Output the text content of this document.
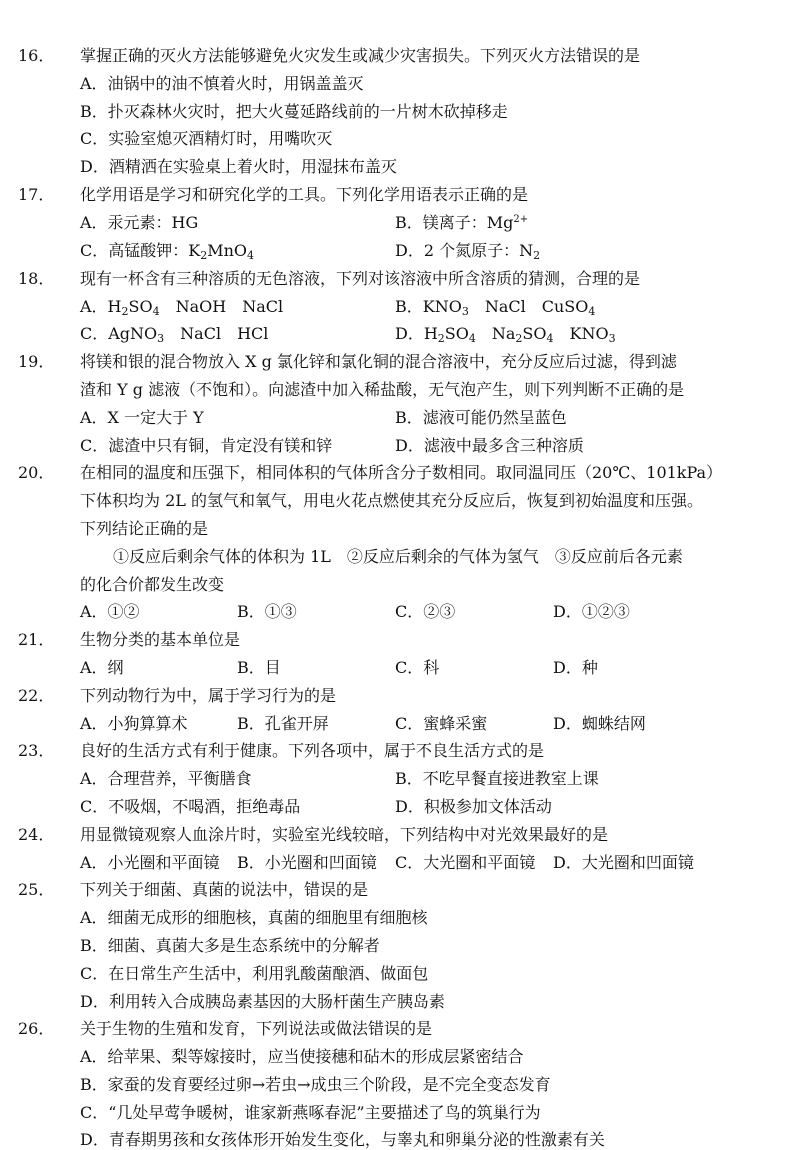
16．	掌握正确的灭火方法能够避免火灾发生或减少灾害损失。下列灭火方法错误的是
A．油锅中的油不慎着火时，用锅盖盖灭
B．扑灭森林火灾时，把大火蔓延路线前的一片树木砍掉移走
C．实验室熄灭酒精灯时，用嘴吹灭
D．酒精洒在实验桌上着火时，用湿抹布盖灭
17．	化学用语是学习和研究化学的工具。下列化学用语表示正确的是
A．汞元素：HG	B．镁离子：$Mg^{2+}$
C．高锰酸钾：$K_2MnO_4$	D．2 个氮原子：$N_2$
18．	现有一杯含有三种溶质的无色溶液，下列对该溶液中所含溶质的猜测，合理的是
A．$H_2SO_4$　NaOH　NaCl	B．$KNO_3$　NaCl　CuSO$_4$
C．AgNO$_3$　NaCl　HCl	D．$H_2SO_4$　$Na_2SO_4$　$KNO_3$
19．	将镁和银的混合物放入 X g 氯化锌和氯化铜的混合溶液中，充分反应后过滤，得到滤
渣和 Y g 滤液（不饱和）。向滤渣中加入稀盐酸，无气泡产生，则下列判断不正确的是
A．X 一定大于 Y	B．滤液可能仍然呈蓝色
C．滤渣中只有铜，肯定没有镁和锌	D．滤液中最多含三种溶质
20．	在相同的温度和压强下，相同体积的气体所含分子数相同。取同温同压（20℃、101kPa）
下体积均为 2L 的氢气和氧气，用电火花点燃使其充分反应后，恢复到初始温度和压强。
下列结论正确的是
①反应后剩余气体的体积为 1L　②反应后剩余的气体为氢气　③反应前后各元素
的化合价都发生改变
A．①②	B．①③	C．②③	D．①②③
21．	生物分类的基本单位是
A．纲	B．目	C．科	D．种
22．	下列动物行为中，属于学习行为的是
A．小狗算算术	B．孔雀开屏	C．蜜蜂采蜜	D．蜘蛛结网
23．	良好的生活方式有利于健康。下列各项中，属于不良生活方式的是
A．合理营养，平衡膳食	B．不吃早餐直接进教室上课
C．不吸烟，不喝酒，拒绝毒品	D．积极参加文体活动
24．	用显微镜观察人血涂片时，实验室光线较暗，下列结构中对光效果最好的是
A．小光圈和平面镜 B．小光圈和凹面镜 C．大光圈和平面镜 D．大光圈和凹面镜
25．	下列关于细菌、真菌的说法中，错误的是
A．细菌无成形的细胞核，真菌的细胞里有细胞核
B．细菌、真菌大多是生态系统中的分解者
C．在日常生产生活中，利用乳酸菌酿酒、做面包
D．利用转入合成胰岛素基因的大肠杆菌生产胰岛素
26．	关于生物的生殖和发育，下列说法或做法错误的是
A．给苹果、梨等嫁接时，应当使接穗和砧木的形成层紧密结合
B．家蚕的发育要经过卵→若虫→成虫三个阶段，是不完全变态发育
C．“几处早莺争暖树，谁家新燕啄春泥”主要描述了鸟的筑巢行为
D．青春期男孩和女孩体形开始发生变化，与睾丸和卵巢分泌的性激素有关
